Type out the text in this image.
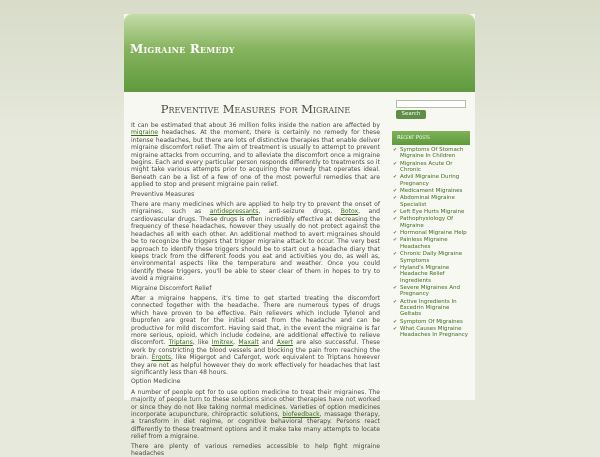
Migraine Remedy
Preventive Measures for Migraine

It can be estimated that about 36 million folks inside the nation are affected by migraine headaches. At the moment, there is certainly no remedy for these intense headaches, but there are lots of distinctive therapies that enable deliver migraine discomfort relief. The aim of treatment is usually to attempt to prevent migraine attacks from occurring, and to alleviate the discomfort once a migraine begins. Each and every particular person responds differently to treatments so it might take various attempts prior to acquiring the remedy that operates ideal. Beneath can be a list of a few of one of the most powerful remedies that are applied to stop and present migraine pain relief.

Preventive Measures

There are many medicines which are applied to help try to prevent the onset of migraines, such as antidepressants, anti-seizure drugs, Botox, and cardiovascular drugs. These drugs is often incredibly effective at decreasing the frequency of these headaches, however they usually do not protect against the headaches all with each other. An additional method to avert migraines should be to recognize the triggers that trigger migraine attack to occur. The very best approach to identify these triggers should be to start out a headache diary that keeps track from the different foods you eat and activities you do, as well as, environmental aspects like the temperature and weather. Once you could identify these triggers, you'll be able to steer clear of them in hopes to try to avoid a migraine.

Migraine Discomfort Relief

After a migraine happens, it's time to get started treating the discomfort connected together with the headache. There are numerous types of drugs which have proven to be effective. Pain relievers which include Tylenol and Ibuprofen are great for the initial onset from the headache and can be productive for mild discomfort. Having said that, in the event the migraine is far more serious, opioid, which include codeine, are additional effective to relieve discomfort. Triptans, like Imitrex, Maxalt and Axert are also successful. These work by constricting the blood vessels and blocking the pain from reaching the brain. Ergots, like Migergot and Cafergot, work equivalent to Triptans however they are not as helpful however they do work effectively for headaches that last significantly less than 48 hours.

Option Medicine

A number of people opt for to use option medicine to treat their migraines. The majority of people turn to these solutions since other therapies have not worked or since they do not like taking normal medicines. Varieties of option medicines incorporate acupuncture, chiropractic solutions, biofeedback, massage therapy, a transform in diet regime, or cognitive behavioral therapy. Persons react differently to these treatment options and it make take many attempts to locate relief from a migraine.

There are plenty of various remedies accessible to help fight migraine headaches

Search
Recent Posts
✔ Symptoms Of Stomach Migraine In Children
✔ Migraines Acute Or Chronic
✔ Advil Migraine During Pregnancy
✔ Medicament Migraines
✔ Abdominal Migraine Specialist
✔ Left Eye Hurts Migraine
✔ Pathophysiology Of Migraine
✔ Hormonal Migraine Help
✔ Painless Migraine Headaches
✔ Chronic Daily Migraine Symptoms
✔ Hyland's Migraine Headache Relief Ingredients
✔ Severe Migraines And Pregnancy
✔ Active Ingredients In Excedrin Migraine Geltabs
✔ Symptom Of Migraines
✔ What Causes Migraine Headaches In Pregnancy
